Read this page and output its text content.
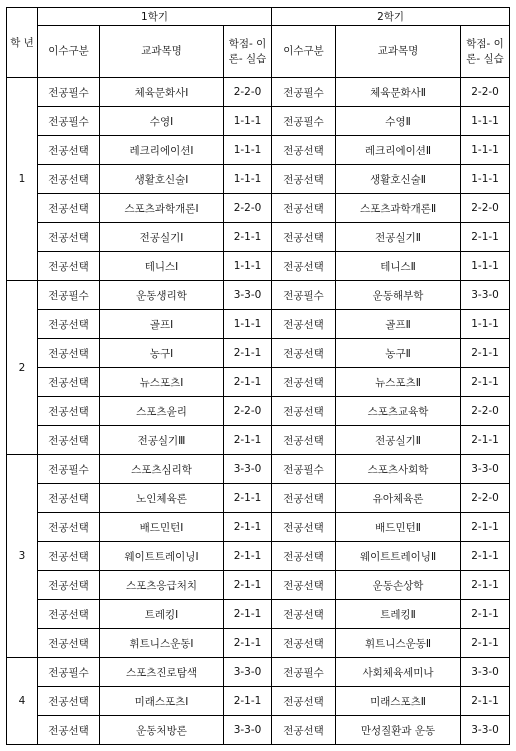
학 년	1학기			2학기		
	이수구분	교과목명	학점- 이론- 실습	이수구분	교과목명	학점- 이론- 실습
1	전공필수	체육문화사Ⅰ	2-2-0	전공필수	체육문화사Ⅱ	2-2-0
	전공필수	수영Ⅰ	1-1-1	전공필수	수영Ⅱ	1-1-1
	전공선택	레크리에이션Ⅰ	1-1-1	전공선택	레크리에이션Ⅱ	1-1-1
	전공선택	생활호신술Ⅰ	1-1-1	전공선택	생활호신술Ⅱ	1-1-1
	전공선택	스포츠과학개론Ⅰ	2-2-0	전공선택	스포츠과학개론Ⅱ	2-2-0
	전공선택	전공실기Ⅰ	2-1-1	전공선택	전공실기Ⅱ	2-1-1
	전공선택	테니스Ⅰ	1-1-1	전공선택	테니스Ⅱ	1-1-1
2	전공필수	운동생리학	3-3-0	전공필수	운동해부학	3-3-0
	전공선택	골프Ⅰ	1-1-1	전공선택	골프Ⅱ	1-1-1
	전공선택	농구Ⅰ	2-1-1	전공선택	농구Ⅱ	2-1-1
	전공선택	뉴스포츠Ⅰ	2-1-1	전공선택	뉴스포츠Ⅱ	2-1-1
	전공선택	스포츠윤리	2-2-0	전공선택	스포츠교육학	2-2-0
	전공선택	전공실기Ⅲ	2-1-1	전공선택	전공실기Ⅱ	2-1-1
3	전공필수	스포츠심리학	3-3-0	전공필수	스포츠사회학	3-3-0
	전공선택	노인체육론	2-1-1	전공선택	유아체육론	2-2-0
	전공선택	배드민턴Ⅰ	2-1-1	전공선택	배드민턴Ⅱ	2-1-1
	전공선택	웨이트트레이닝Ⅰ	2-1-1	전공선택	웨이트트레이닝Ⅱ	2-1-1
	전공선택	스포츠응급처치	2-1-1	전공선택	운동손상학	2-1-1
	전공선택	트레킹Ⅰ	2-1-1	전공선택	트레킹Ⅱ	2-1-1
	전공선택	휘트니스운동Ⅰ	2-1-1	전공선택	휘트니스운동Ⅱ	2-1-1
4	전공필수	스포츠진로탐색	3-3-0	전공필수	사회체육세미나	3-3-0
	전공선택	미래스포츠Ⅰ	2-1-1	전공선택	미래스포츠Ⅱ	2-1-1
	전공선택	운동처방론	3-3-0	전공선택	만성질환과 운동	3-3-0
